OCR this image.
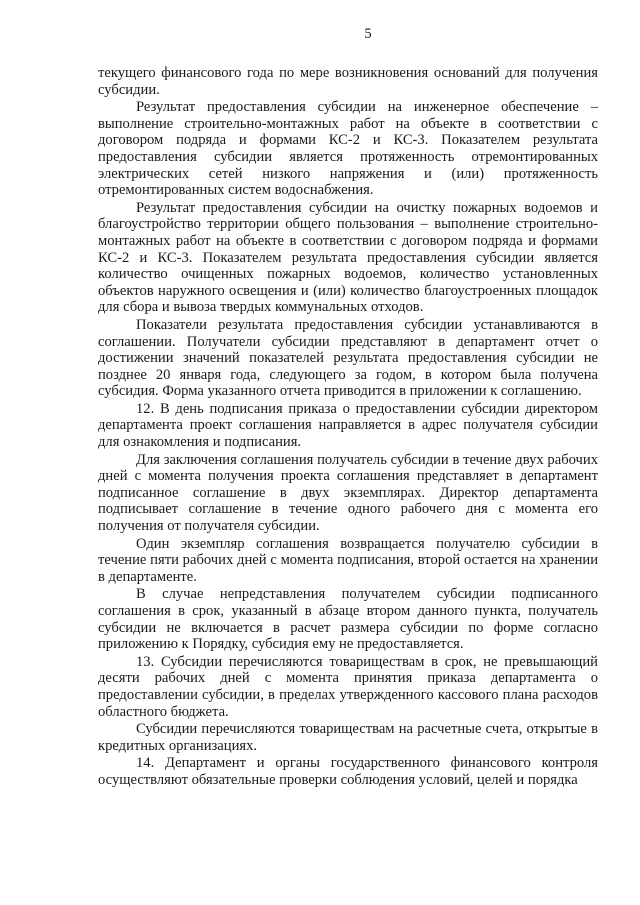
5

текущего финансового года по мере возникновения оснований для получения субсидии.

Результат предоставления субсидии на инженерное обеспечение – выполнение строительно-монтажных работ на объекте в соответствии с договором подряда и формами КС-2 и КС-3. Показателем результата предоставления субсидии является протяженность отремонтированных электрических сетей низкого напряжения и (или) протяженность отремонтированных систем водоснабжения.

Результат предоставления субсидии на очистку пожарных водоемов и благоустройство территории общего пользования – выполнение строительно-монтажных работ на объекте в соответствии с договором подряда и формами КС-2 и КС-3. Показателем результата предоставления субсидии является количество очищенных пожарных водоемов, количество установленных объектов наружного освещения и (или) количество благоустроенных площадок для сбора и вывоза твердых коммунальных отходов.

Показатели результата предоставления субсидии устанавливаются в соглашении. Получатели субсидии представляют в департамент отчет о достижении значений показателей результата предоставления субсидии не позднее 20 января года, следующего за годом, в котором была получена субсидия. Форма указанного отчета приводится в приложении к соглашению.

12. В день подписания приказа о предоставлении субсидии директором департамента проект соглашения направляется в адрес получателя субсидии для ознакомления и подписания.

Для заключения соглашения получатель субсидии в течение двух рабочих дней с момента получения проекта соглашения представляет в департамент подписанное соглашение в двух экземплярах. Директор департамента подписывает соглашение в течение одного рабочего дня с момента его получения от получателя субсидии.

Один экземпляр соглашения возвращается получателю субсидии в течение пяти рабочих дней с момента подписания, второй остается на хранении в департаменте.

В случае непредставления получателем субсидии подписанного соглашения в срок, указанный в абзаце втором данного пункта, получатель субсидии не включается в расчет размера субсидии по форме согласно приложению к Порядку, субсидия ему не предоставляется.

13. Субсидии перечисляются товариществам в срок, не превышающий десяти рабочих дней с момента принятия приказа департамента о предоставлении субсидии, в пределах утвержденного кассового плана расходов областного бюджета.

Субсидии перечисляются товариществам на расчетные счета, открытые в кредитных организациях.

14. Департамент и органы государственного финансового контроля осуществляют обязательные проверки соблюдения условий, целей и порядка
